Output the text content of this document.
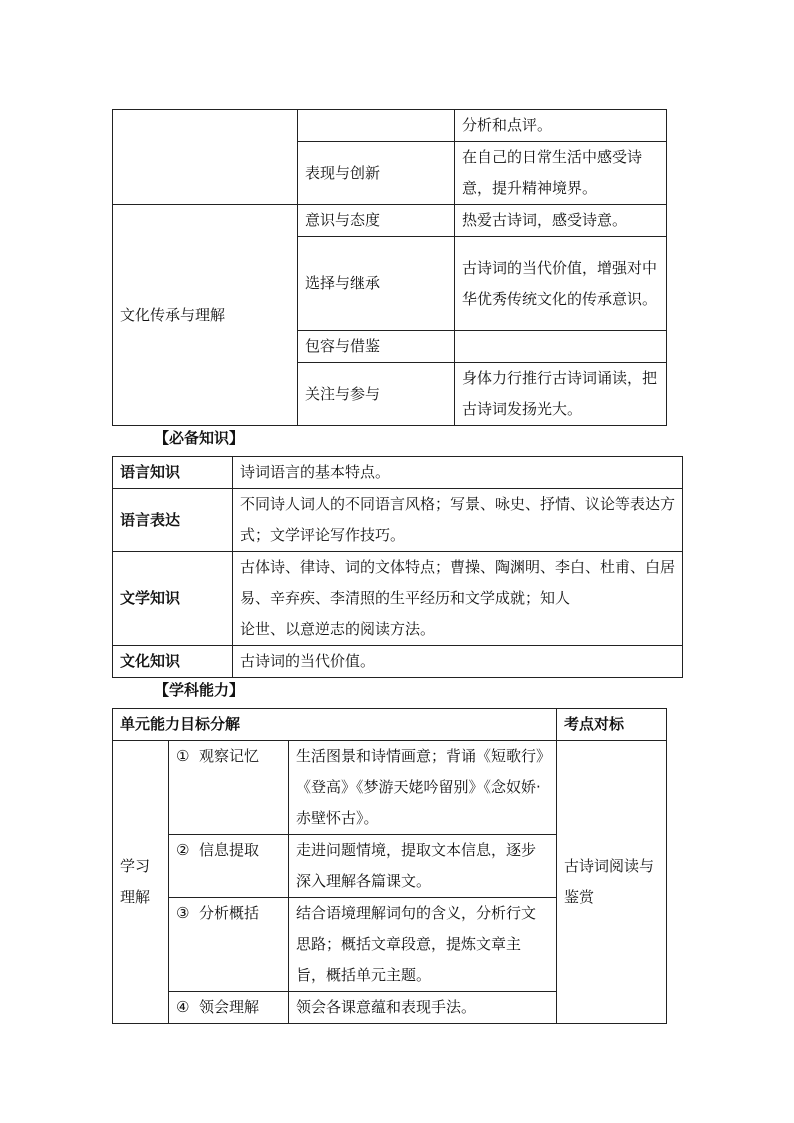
		分析和点评。
	表现与创新	在自己的日常生活中感受诗意，提升精神境界。
文化传承与理解	意识与态度	热爱古诗词，感受诗意。
	选择与继承	古诗词的当代价值，增强对中华优秀传统文化的传承意识。
	包容与借鉴	
	关注与参与	身体力行推行古诗词诵读，把古诗词发扬光大。
【必备知识】
语言知识	诗词语言的基本特点。
语言表达	不同诗人词人的不同语言风格；写景、咏史、抒情、议论等表达方式；文学评论写作技巧。
文学知识	古体诗、律诗、词的文体特点；曹操、陶渊明、李白、杜甫、白居易、辛弃疾、李清照的生平经历和文学成就；知人
论世、以意逆志的阅读方法。
文化知识	古诗词的当代价值。
【学科能力】
单元能力目标分解			考点对标
学习理解	① 观察记忆	生活图景和诗情画意；背诵《短歌行》《登高》《梦游天姥吟留别》《念奴娇·赤壁怀古》。	古诗词阅读与鉴赏
	② 信息提取	走进问题情境，提取文本信息，逐步深入理解各篇课文。	
	③ 分析概括	结合语境理解词句的含义，分析行文思路；概括文章段意，提炼文章主旨，概括单元主题。	
	④ 领会理解	领会各课意蕴和表现手法。	
